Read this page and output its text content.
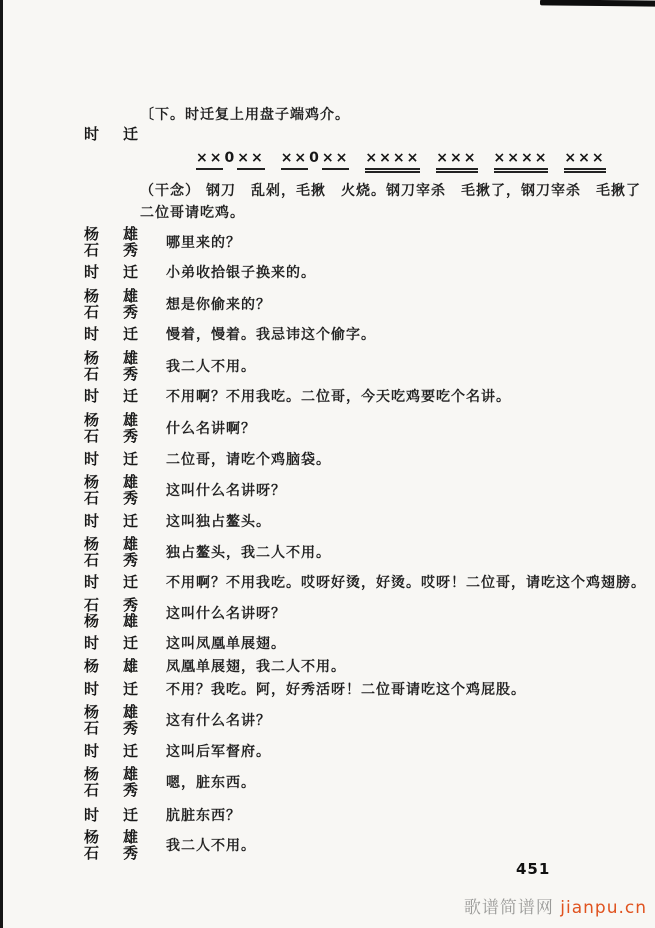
〔下。时迁复上用盘子端鸡介。
时迁
×× 0 ×× ×× 0 ×× ×××× ××× ×××× ×××
（干念） 钢刀　乱剁，毛揪　火烧。钢刀宰杀　毛揪了，钢刀宰杀　毛揪了
二位哥请吃鸡。
杨雄
石秀 哪里来的？
时迁 小弟收拾银子换来的。
杨雄
石秀 想是你偷来的？
时迁 慢着，慢着。我忌讳这个偷字。
杨雄
石秀 我二人不用。
时迁 不用啊？不用我吃。二位哥，今天吃鸡要吃个名讲。
杨雄
石秀 什么名讲啊？
时迁 二位哥，请吃个鸡脑袋。
杨雄
石秀 这叫什么名讲呀？
时迁 这叫独占鳌头。
杨雄
石秀 独占鳌头，我二人不用。
时迁 不用啊？不用我吃。哎呀好烫，好烫。哎呀！二位哥，请吃这个鸡翅膀。
石秀
杨雄 这叫什么名讲呀？
时迁 这叫凤凰单展翅。
杨雄 凤凰单展翅，我二人不用。
时迁 不用？我吃。阿，好秀活呀！二位哥请吃这个鸡屁股。
杨雄
石秀 这有什么名讲？
时迁 这叫后军督府。
杨雄
石秀 嗯，脏东西。
时迁 肮脏东西？
杨雄
石秀 我二人不用。
451
歌谱简谱网 jianpu.cn
